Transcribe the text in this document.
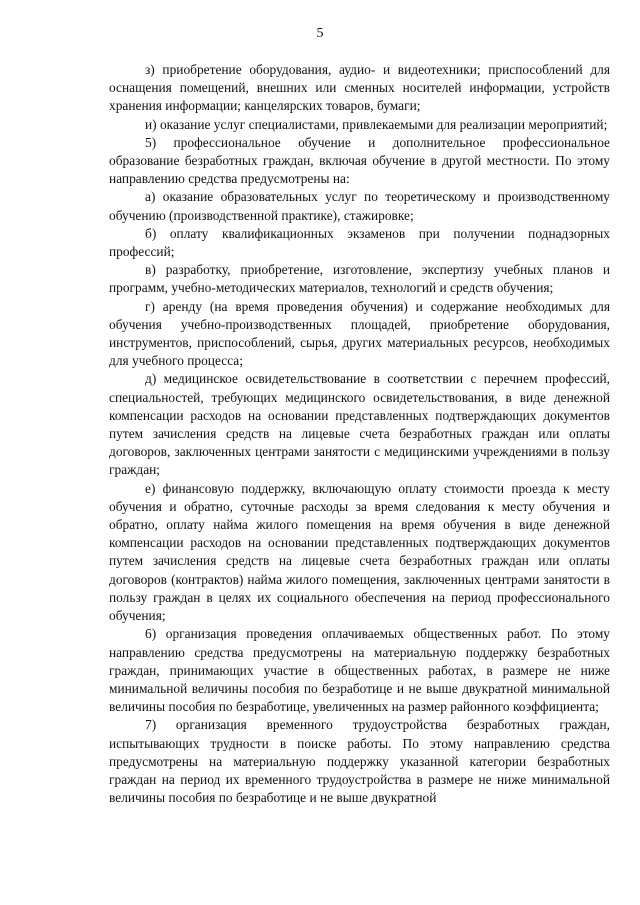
5

з) приобретение оборудования, аудио- и видеотехники; приспособлений для оснащения помещений, внешних или сменных носителей информации, устройств хранения информации; канцелярских товаров, бумаги;

и) оказание услуг специалистами, привлекаемыми для реализации мероприятий;

5) профессиональное обучение и дополнительное профессиональное образование безработных граждан, включая обучение в другой местности. По этому направлению средства предусмотрены на:

а) оказание образовательных услуг по теоретическому и производственному обучению (производственной практике), стажировке;

б) оплату квалификационных экзаменов при получении поднадзорных профессий;

в) разработку, приобретение, изготовление, экспертизу учебных планов и программ, учебно-методических материалов, технологий и средств обучения;

г) аренду (на время проведения обучения) и содержание необходимых для обучения учебно-производственных площадей, приобретение оборудования, инструментов, приспособлений, сырья, других материальных ресурсов, необходимых для учебного процесса;

д) медицинское освидетельствование в соответствии с перечнем профессий, специальностей, требующих медицинского освидетельствования, в виде денежной компенсации расходов на основании представленных подтверждающих документов путем зачисления средств на лицевые счета безработных граждан или оплаты договоров, заключенных центрами занятости с медицинскими учреждениями в пользу граждан;

е) финансовую поддержку, включающую оплату стоимости проезда к месту обучения и обратно, суточные расходы за время следования к месту обучения и обратно, оплату найма жилого помещения на время обучения в виде денежной компенсации расходов на основании представленных подтверждающих документов путем зачисления средств на лицевые счета безработных граждан или оплаты договоров (контрактов) найма жилого помещения, заключенных центрами занятости в пользу граждан в целях их социального обеспечения на период профессионального обучения;

6) организация проведения оплачиваемых общественных работ. По этому направлению средства предусмотрены на материальную поддержку безработных граждан, принимающих участие в общественных работах, в размере не ниже минимальной величины пособия по безработице и не выше двукратной минимальной величины пособия по безработице, увеличенных на размер районного коэффициента;

7) организация временного трудоустройства безработных граждан, испытывающих трудности в поиске работы. По этому направлению средства предусмотрены на материальную поддержку указанной категории безработных граждан на период их временного трудоустройства в размере не ниже минимальной величины пособия по безработице и не выше двукратной
